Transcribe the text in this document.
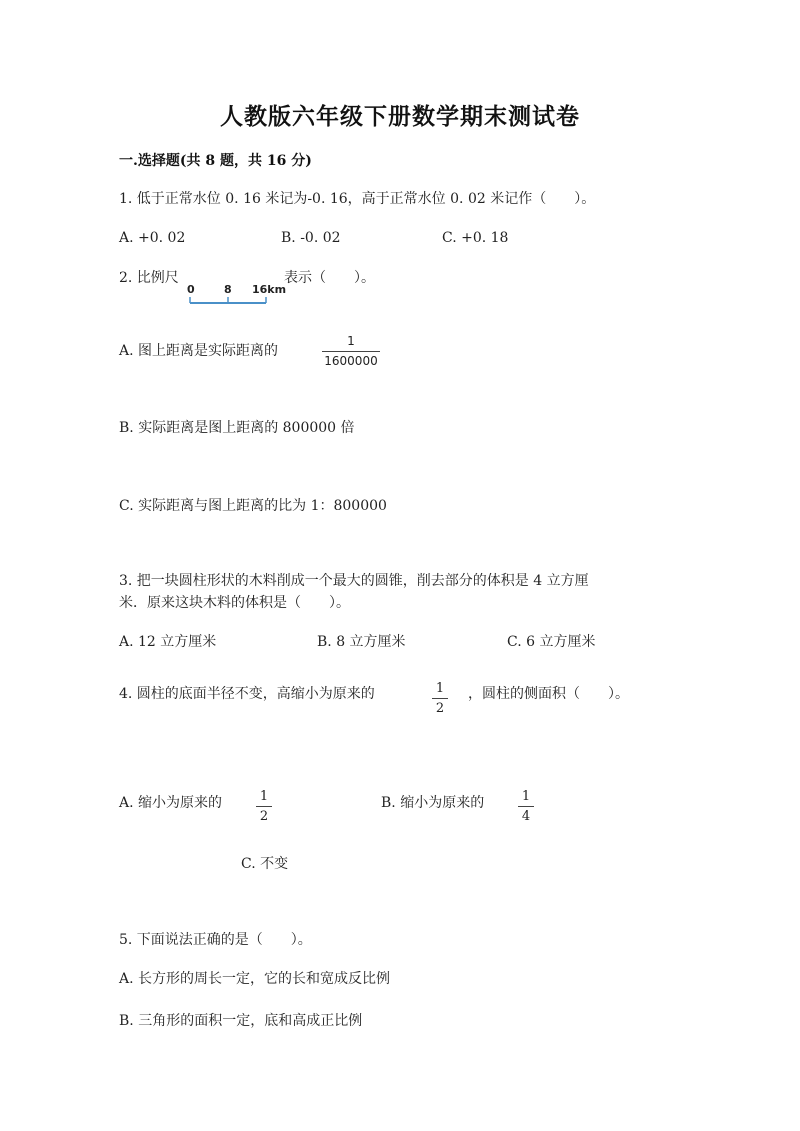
人教版六年级下册数学期末测试卷
一.选择题(共 8 题，共 16 分)
1. 低于正常水位 0. 16 米记为-0. 16，高于正常水位 0. 02 米记作（　　）。
A. +0. 02	B. -0. 02	C. +0. 18
2. 比例尺
0	8 16km
表示（　　）。
A. 图上距离是实际距离的
1
1600000
B. 实际距离是图上距离的 800000 倍
C. 实际距离与图上距离的比为 1：800000
3. 把一块圆柱形状的木料削成一个最大的圆锥，削去部分的体积是 4 立方厘
米．原来这块木料的体积是（　　）。
A. 12 立方厘米	B. 8 立方厘米	C. 6 立方厘米
4. 圆柱的底面半径不变，高缩小为原来的	1
2
，圆柱的侧面积（　　）。
A. 缩小为原来的	1
2
B. 缩小为原来的	1
4
C. 不变
5. 下面说法正确的是（　　）。
A. 长方形的周长一定，它的长和宽成反比例
B. 三角形的面积一定，底和高成正比例
